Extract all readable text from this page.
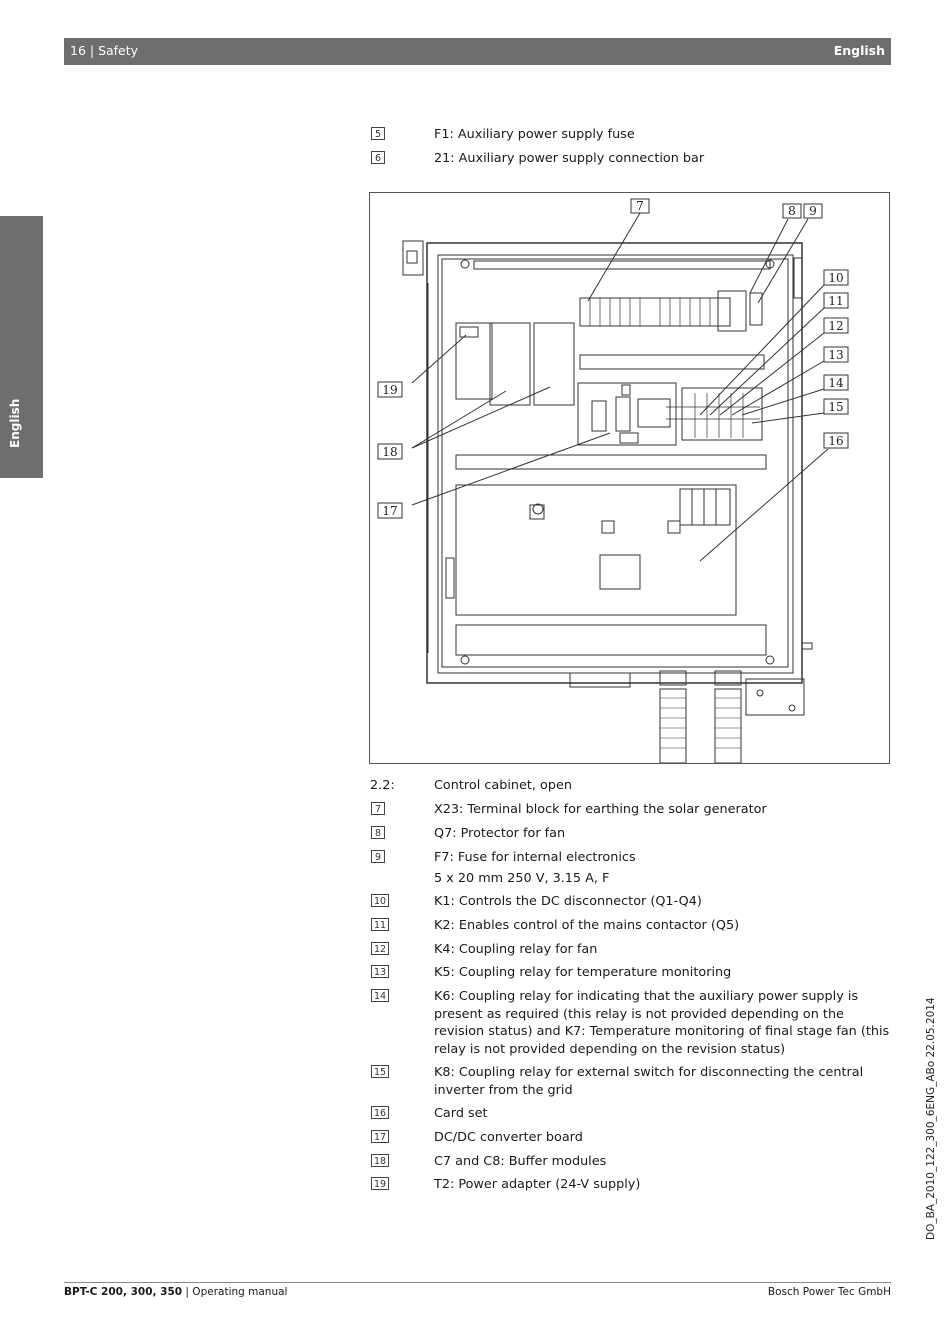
16 | Safety	English
English
5	F1: Auxiliary power supply fuse
6	21: Auxiliary power supply connection bar
7	8 9
10
11
12
13
14
15
16
17
18
19
2.2:	Control cabinet, open
7	X23: Terminal block for earthing the solar generator
8	Q7: Protector for fan
9	F7: Fuse for internal electronics
5 x 20 mm 250 V, 3.15 A, F
10	K1: Controls the DC disconnector (Q1-Q4)
11	K2: Enables control of the mains contactor (Q5)
12	K4: Coupling relay for fan
13	K5: Coupling relay for temperature monitoring
14	K6: Coupling relay for indicating that the auxiliary power supply is present as required (this relay is not provided depending on the revision status) and K7: Temperature monitoring of final stage fan (this relay is not provided depending on the revision status)
15	K8: Coupling relay for external switch for disconnecting the central inverter from the grid
16	Card set
17	DC/DC converter board
18	C7 and C8: Buffer modules
19	T2: Power adapter (24-V supply)
BPT-C 200, 300, 350 | Operating manual	Bosch Power Tec GmbH
DO_BA_2010_122_300_6ENG_ABo 22.05.2014
